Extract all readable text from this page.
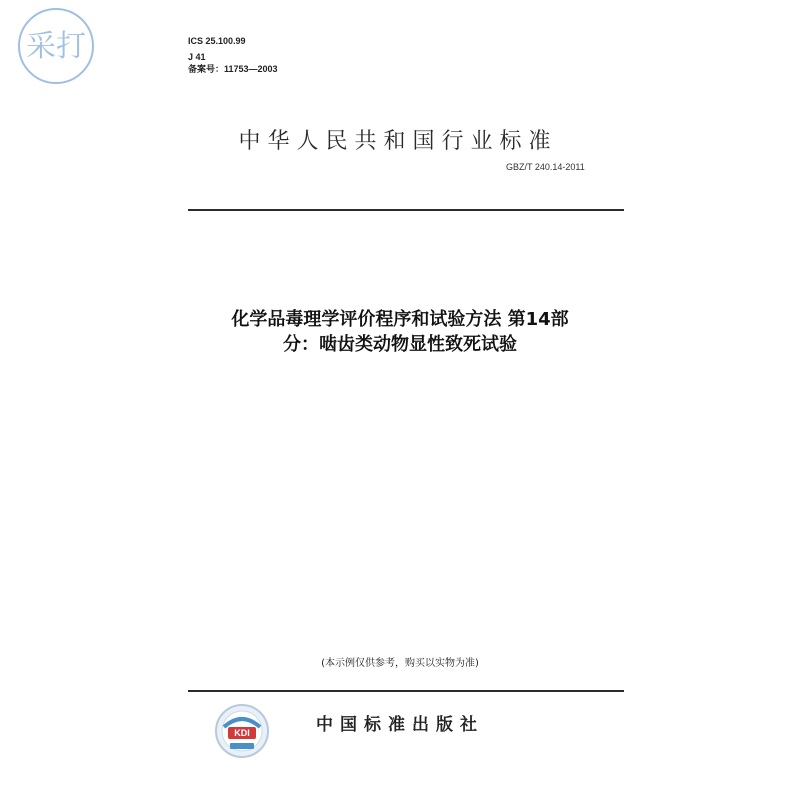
采打	ICS 25.100.99
J 41
备案号：11753—2003
中华人民共和国行业标准
GBZ/T 240.14-2011
化学品毒理学评价程序和试验方法 第14部
分：啮齿类动物显性致死试验
(本示例仅供参考，购买以实物为准)
KDI	中国标准出版社
